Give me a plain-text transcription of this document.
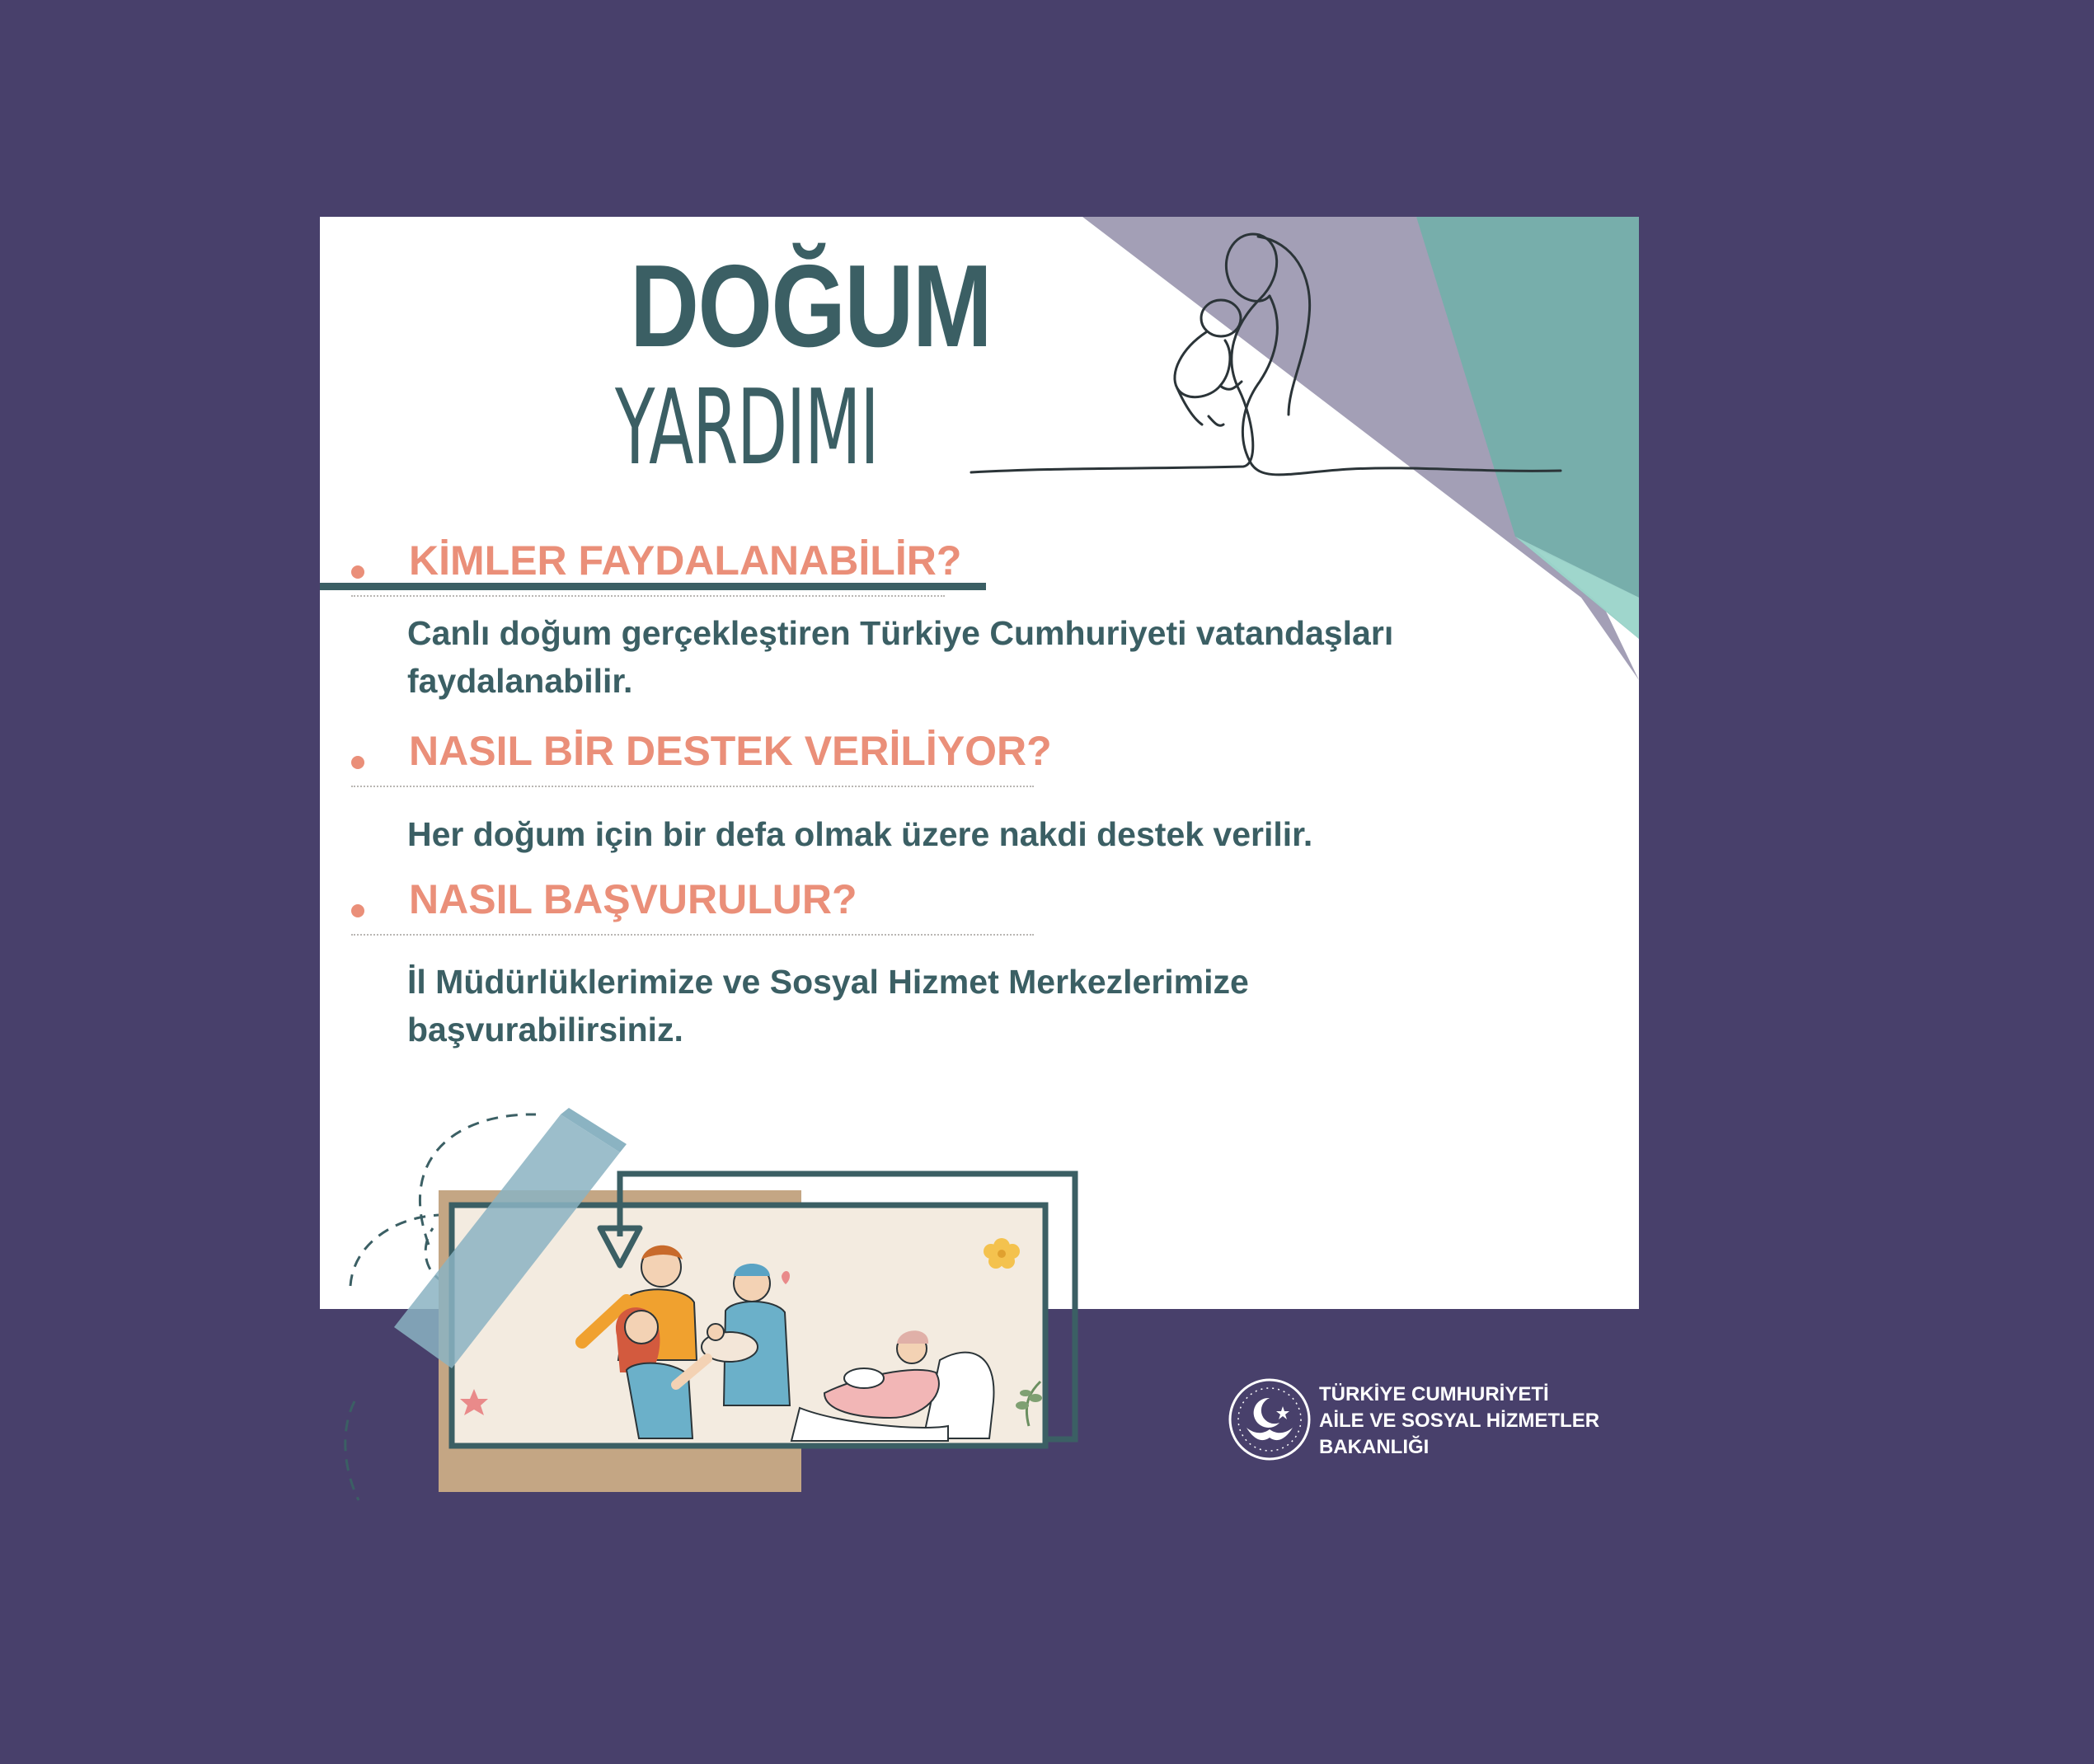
DOĞUM
YARDIMI
KİMLER FAYDALANABİLİR?
Canlı doğum gerçekleştiren Türkiye Cumhuriyeti vatandaşları faydalanabilir.
NASIL BİR DESTEK VERİLİYOR?
Her doğum için bir defa olmak üzere nakdi destek verilir.
NASIL BAŞVURULUR?
İl Müdürlüklerimize ve Sosyal Hizmet Merkezlerimize başvurabilirsiniz.
TÜRKİYE CUMHURİYETİ
AİLE VE SOSYAL HİZMETLER
BAKANLIĞI
